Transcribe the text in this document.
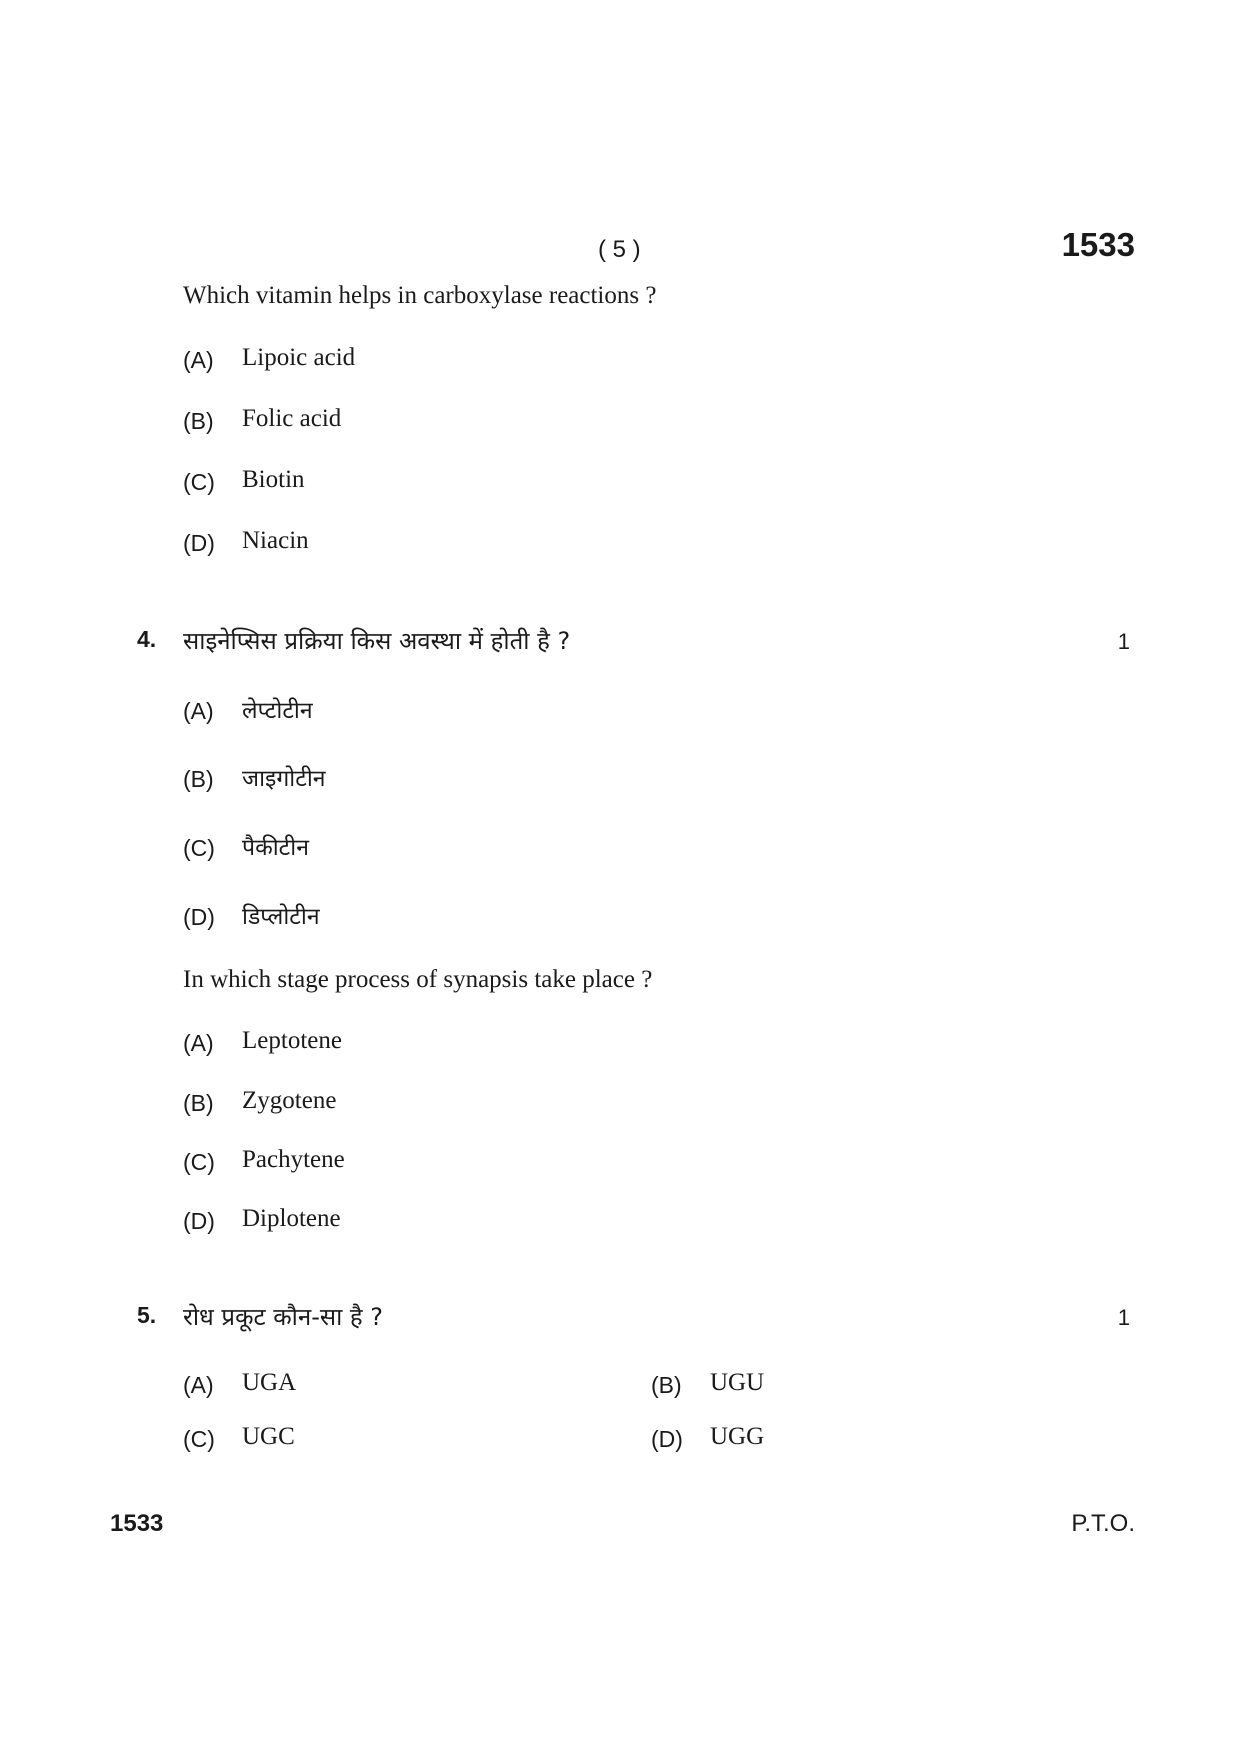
( 5 )	1533
Which vitamin helps in carboxylase reactions ?
(A) Lipoic acid
(B) Folic acid
(C) Biotin
(D) Niacin
4. साइनेप्सिस प्रक्रिया किस अवस्था में होती है ?	1
(A) लेप्टोटीन
(B) जाइगोटीन
(C) पैकीटीन
(D) डिप्लोटीन
In which stage process of synapsis take place ?
(A) Leptotene
(B) Zygotene
(C) Pachytene
(D) Diplotene
5. रोध प्रकूट कौन-सा है ?	1
(A) UGA	(B) UGU
(C) UGC	(D) UGG
1533	P.T.O.
